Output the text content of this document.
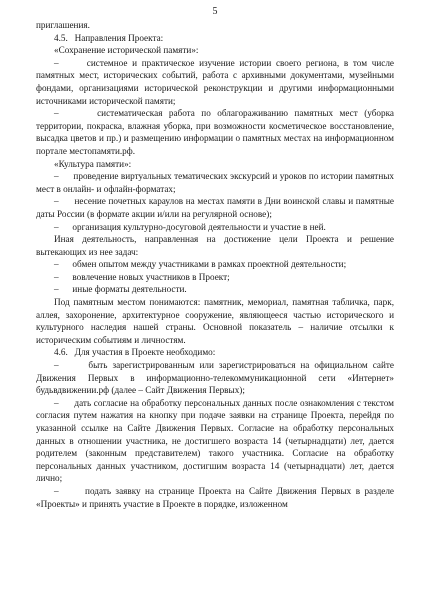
5

приглашения.

4.5.   Направления Проекта:

«Сохранение исторической памяти»:

–      системное и практическое изучение истории своего региона, в том числе памятных мест, исторических событий, работа с архивными документами, музейными фондами, организациями исторической реконструкции и другими информационными источниками исторической памяти;

–      систематическая работа по облагораживанию памятных мест (уборка территории, покраска, влажная уборка, при возможности косметическое восстановление, высадка цветов и пр.) и размещению информации о памятных местах на информационном портале местопамяти.рф.

«Культура памяти»:

–      проведение виртуальных тематических экскурсий и уроков по истории памятных мест в онлайн- и офлайн-форматах;

–      несение почетных караулов на местах памяти в Дни воинской славы и памятные даты России (в формате акции и/или на регулярной основе);

–      организация культурно-досуговой деятельности и участие в ней.

Иная деятельность, направленная на достижение цели Проекта и решение вытекающих из нее задач:

–      обмен опытом между участниками в рамках проектной деятельности;

–      вовлечение новых участников в Проект;

–      иные форматы деятельности.

Под памятным местом понимаются: памятник, мемориал, памятная табличка, парк, аллея, захоронение, архитектурное сооружение, являющееся частью исторического и культурного наследия нашей страны. Основной показатель – наличие отсылки к историческим событиям и личностям.

4.6.   Для участия в Проекте необходимо:

–      быть зарегистрированным или зарегистрироваться на официальном сайте Движения Первых в информационно-телекоммуникационной сети «Интернет» будьвдвижении.рф (далее – Сайт Движения Первых);

–      дать согласие на обработку персональных данных после ознакомления с текстом согласия путем нажатия на кнопку при подаче заявки на странице Проекта, перейдя по указанной ссылке на Сайте Движения Первых. Согласие на обработку персональных данных в отношении участника, не достигшего возраста 14 (четырнадцати) лет, дается родителем (законным представителем) такого участника. Согласие на обработку персональных данных участником, достигшим возраста 14 (четырнадцати) лет, дается лично;

–      подать заявку на странице Проекта на Сайте Движения Первых в разделе «Проекты» и принять участие в Проекте в порядке, изложенном
